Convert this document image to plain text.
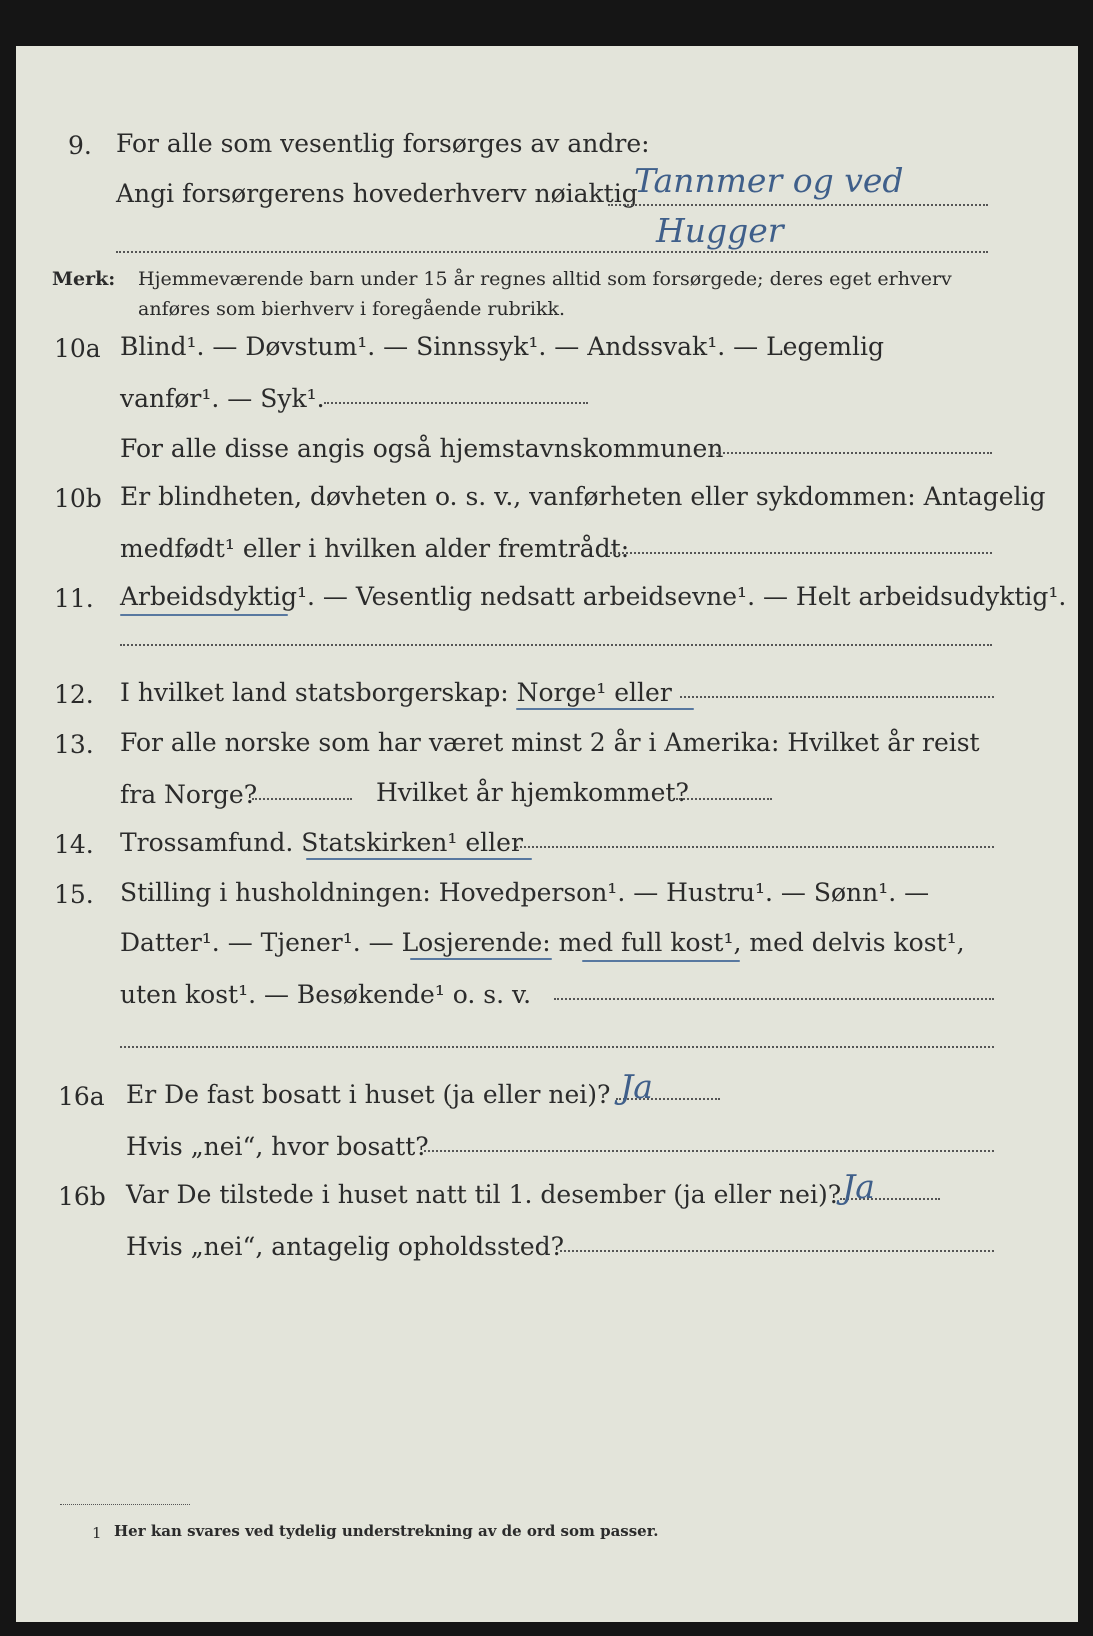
9. For alle som vesentlig forsørges av andre:
Angi forsørgerens hovederhverv nøiaktig
Tannmer og ved
Hugger
Merk: Hjemmeværende barn under 15 år regnes alltid som forsørgede; deres eget erhverv
anføres som bierhverv i foregående rubrikk.
10a Blind¹. — Døvstum¹. — Sinnssyk¹. — Andssvak¹. — Legemlig
vanfør¹. — Syk¹.
For alle disse angis også hjemstavnskommunen
10b Er blindheten, døvheten o. s. v., vanførheten eller sykdommen: Antagelig
medfødt¹ eller i hvilken alder fremtrådt:
11. Arbeidsdyktig¹. — Vesentlig nedsatt arbeidsevne¹. — Helt arbeidsudyktig¹.
12. I hvilket land statsborgerskap: Norge¹ eller
13. For alle norske som har været minst 2 år i Amerika: Hvilket år reist
fra Norge?	Hvilket år hjemkommet?
14. Trossamfund. Statskirken¹ eller
15. Stilling i husholdningen: Hovedperson¹. — Hustru¹. — Sønn¹. —
Datter¹. — Tjener¹. — Losjerende: med full kost¹, med delvis kost¹,
uten kost¹. — Besøkende¹ o. s. v.
16a Er De fast bosatt i huset (ja eller nei)? Ja
Hvis „nei“, hvor bosatt?
16b Var De tilstede i huset natt til 1. desember (ja eller nei)? Ja
Hvis „nei“, antagelig opholdssted?
1 Her kan svares ved tydelig understrekning av de ord som passer.
